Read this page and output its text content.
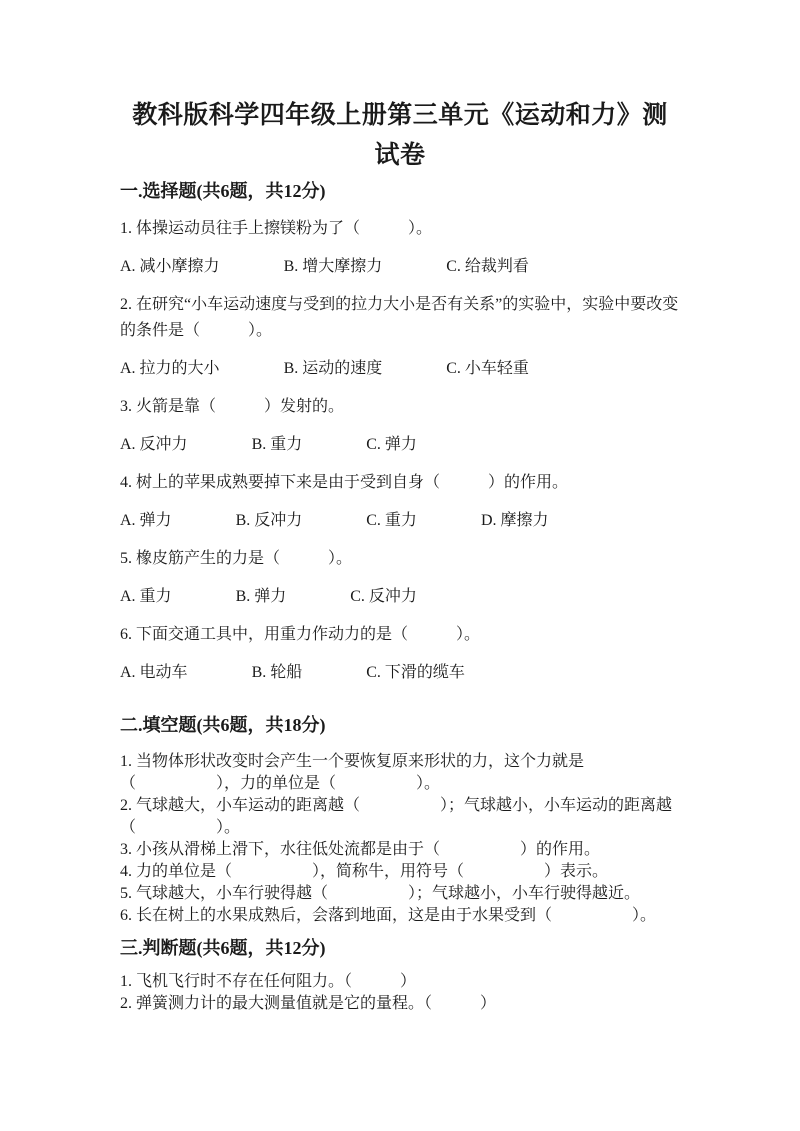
教科版科学四年级上册第三单元《运动和力》测试卷
一.选择题(共6题，共12分)

1. 体操运动员往手上擦镁粉为了（　　　）。

A. 减小摩擦力	B. 增大摩擦力	C. 给裁判看

2. 在研究“小车运动速度与受到的拉力大小是否有关系”的实验中，实验中要改变的条件是（　　　）。

A. 拉力的大小	B. 运动的速度	C. 小车轻重

3. 火箭是靠（　　　）发射的。

A. 反冲力	B. 重力	C. 弹力

4. 树上的苹果成熟要掉下来是由于受到自身（　　　）的作用。

A. 弹力	B. 反冲力	C. 重力	D. 摩擦力

5. 橡皮筋产生的力是（　　　）。

A. 重力	B. 弹力	C. 反冲力

6. 下面交通工具中，用重力作动力的是（　　　）。

A. 电动车	B. 轮船	C. 下滑的缆车
二.填空题(共6题，共18分)

1. 当物体形状改变时会产生一个要恢复原来形状的力，这个力就是（　　　　　），力的单位是（　　　　　）。

2. 气球越大，小车运动的距离越（　　　　　）；气球越小，小车运动的距离越（　　　　　）。

3. 小孩从滑梯上滑下，水往低处流都是由于（　　　　　）的作用。

4. 力的单位是（　　　　　），简称牛，用符号（　　　　　）表示。

5. 气球越大，小车行驶得越（　　　　　）；气球越小，小车行驶得越近。

6. 长在树上的水果成熟后，会落到地面，这是由于水果受到（　　　　　）。

三.判断题(共6题，共12分)

1. 飞机飞行时不存在任何阻力。（　　　）

2. 弹簧测力计的最大测量值就是它的量程。（　　　）
